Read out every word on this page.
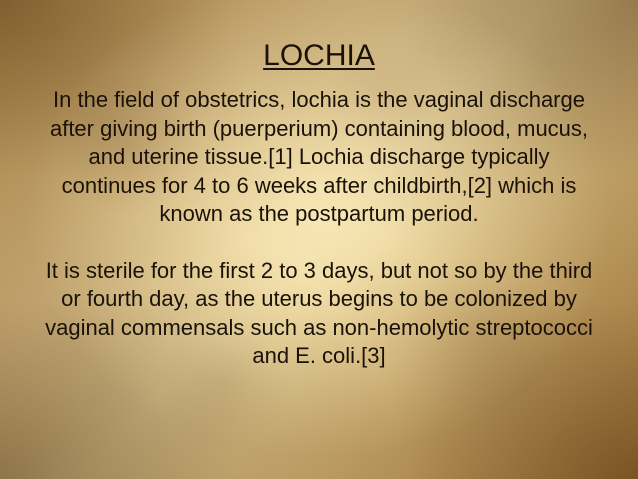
LOCHIA

In the field of obstetrics, lochia is the vaginal discharge after giving birth (puerperium) containing blood, mucus, and uterine tissue.[1] Lochia discharge typically continues for 4 to 6 weeks after childbirth,[2] which is known as the postpartum period.

It is sterile for the first 2 to 3 days, but not so by the third or fourth day, as the uterus begins to be colonized by vaginal commensals such as non-hemolytic streptococci and E. coli.[3]
